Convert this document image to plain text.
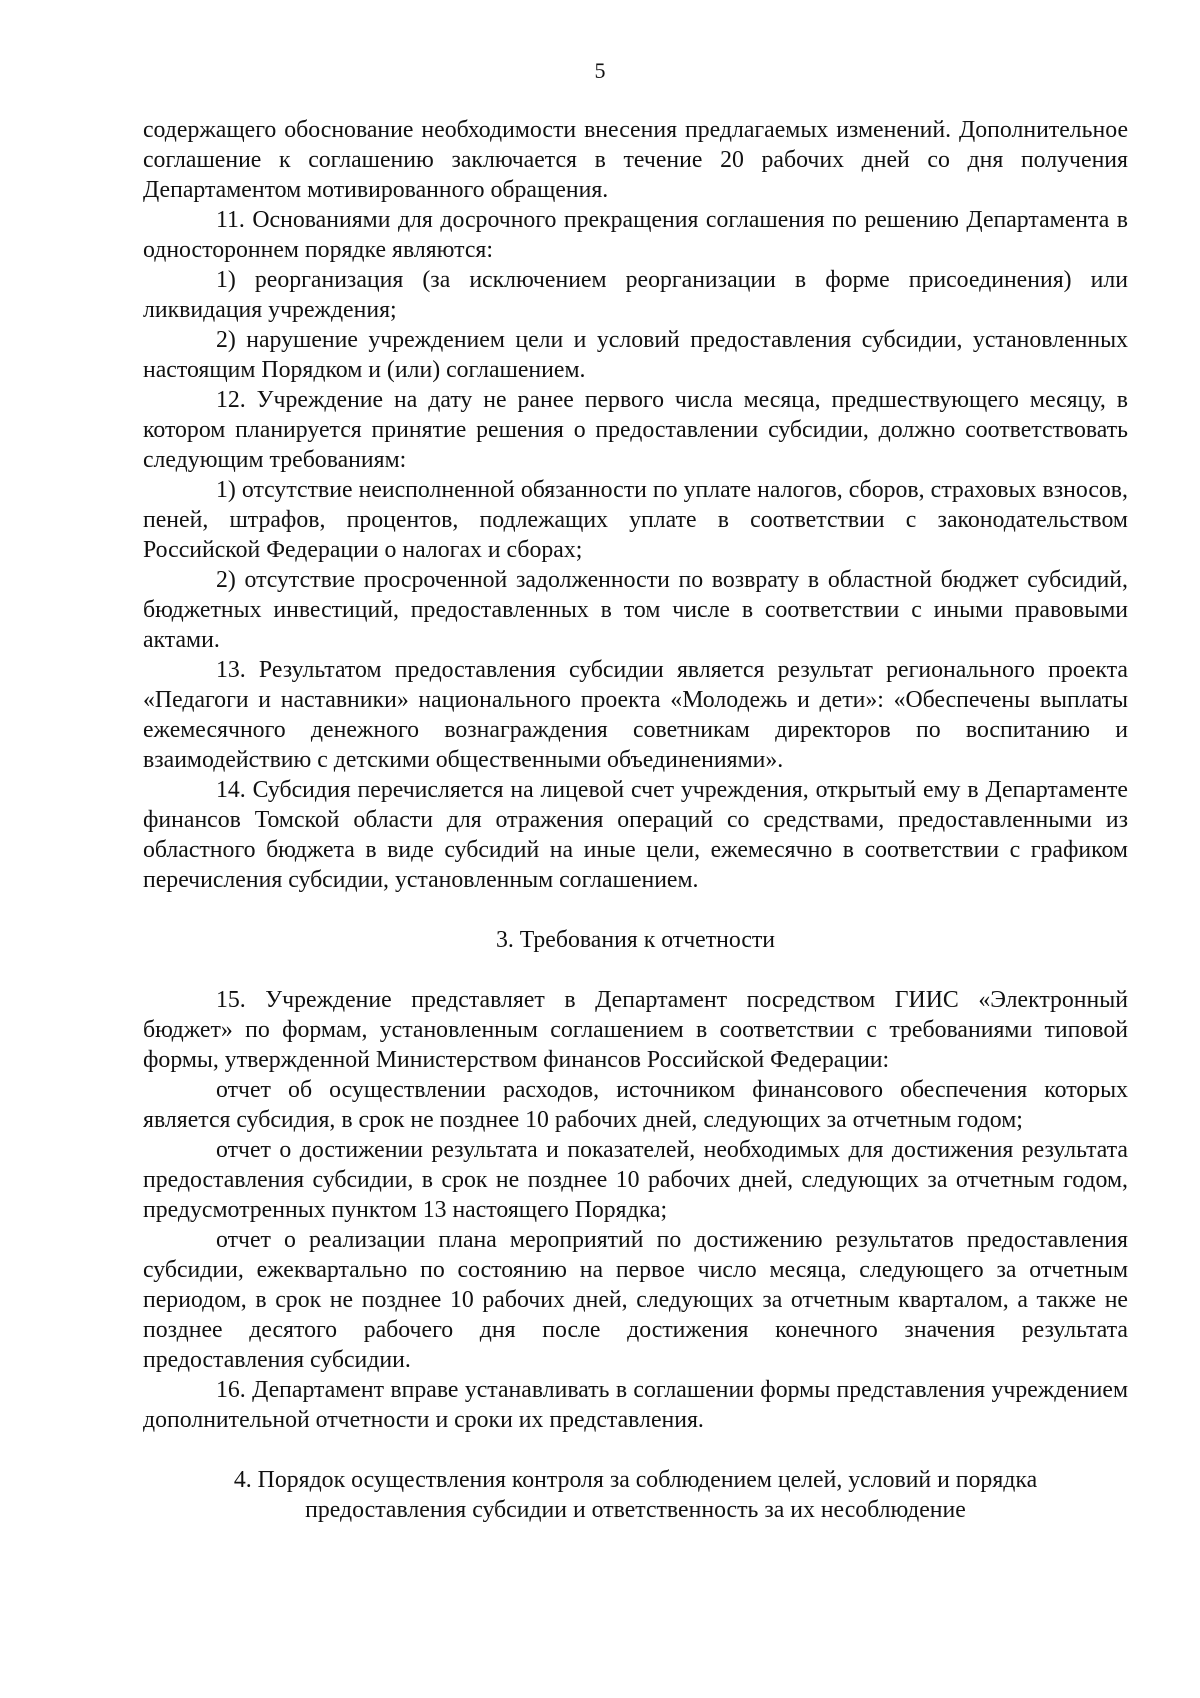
5

содержащего обоснование необходимости внесения предлагаемых изменений. Дополнительное соглашение к соглашению заключается в течение 20 рабочих дней со дня получения Департаментом мотивированного обращения.

11. Основаниями для досрочного прекращения соглашения по решению Департамента в одностороннем порядке являются:

1) реорганизация (за исключением реорганизации в форме присоединения) или ликвидация учреждения;

2) нарушение учреждением цели и условий предоставления субсидии, установленных настоящим Порядком и (или) соглашением.

12. Учреждение на дату не ранее первого числа месяца, предшествующего месяцу, в котором планируется принятие решения о предоставлении субсидии, должно соответствовать следующим требованиям:

1) отсутствие неисполненной обязанности по уплате налогов, сборов, страховых взносов, пеней, штрафов, процентов, подлежащих уплате в соответствии с законодательством Российской Федерации о налогах и сборах;

2) отсутствие просроченной задолженности по возврату в областной бюджет субсидий, бюджетных инвестиций, предоставленных в том числе в соответствии с иными правовыми актами.

13. Результатом предоставления субсидии является результат регионального проекта «Педагоги и наставники» национального проекта «Молодежь и дети»: «Обеспечены выплаты ежемесячного денежного вознаграждения советникам директоров по воспитанию и взаимодействию с детскими общественными объединениями».

14. Субсидия перечисляется на лицевой счет учреждения, открытый ему в Департаменте финансов Томской области для отражения операций со средствами, предоставленными из областного бюджета в виде субсидий на иные цели, ежемесячно в соответствии с графиком перечисления субсидии, установленным соглашением.

3. Требования к отчетности

15. Учреждение представляет в Департамент посредством ГИИС «Электронный бюджет» по формам, установленным соглашением в соответствии с требованиями типовой формы, утвержденной Министерством финансов Российской Федерации:

отчет об осуществлении расходов, источником финансового обеспечения которых является субсидия, в срок не позднее 10 рабочих дней, следующих за отчетным годом;

отчет о достижении результата и показателей, необходимых для достижения результата предоставления субсидии, в срок не позднее 10 рабочих дней, следующих за отчетным годом, предусмотренных пунктом 13 настоящего Порядка;

отчет о реализации плана мероприятий по достижению результатов предоставления субсидии, ежеквартально по состоянию на первое число месяца, следующего за отчетным периодом, в срок не позднее 10 рабочих дней, следующих за отчетным кварталом, а также не позднее десятого рабочего дня после достижения конечного значения результата предоставления субсидии.

16. Департамент вправе устанавливать в соглашении формы представления учреждением дополнительной отчетности и сроки их представления.

4. Порядок осуществления контроля за соблюдением целей, условий и порядка предоставления субсидии и ответственность за их несоблюдение
